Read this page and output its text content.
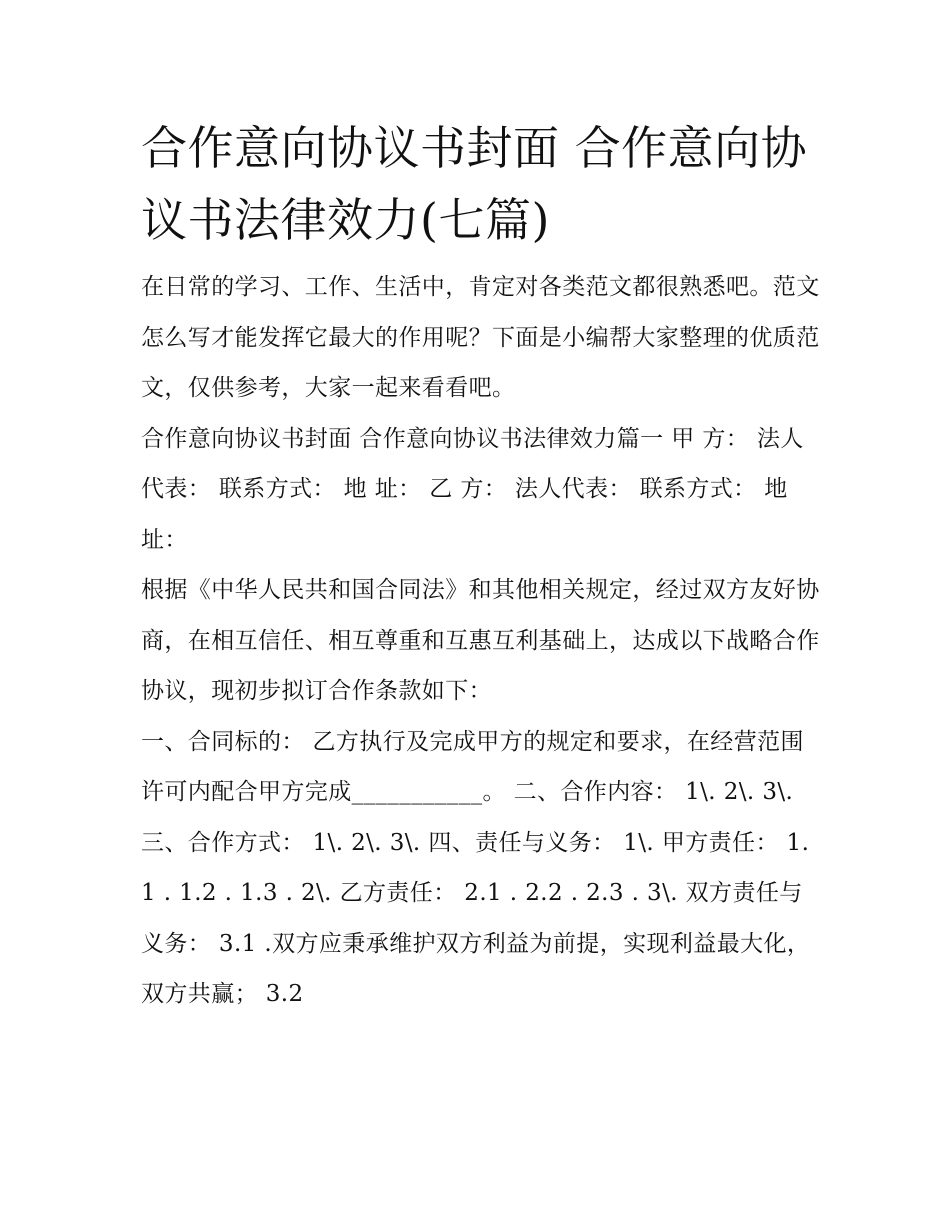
合作意向协议书封面 合作意向协议书法律效力(七篇)

在日常的学习、工作、生活中，肯定对各类范文都很熟悉吧。范文怎么写才能发挥它最大的作用呢？下面是小编帮大家整理的优质范文，仅供参考，大家一起来看看吧。

合作意向协议书封面 合作意向协议书法律效力篇一 甲 方： 法人代表： 联系方式： 地 址： 乙 方： 法人代表： 联系方式： 地 址：

根据《中华人民共和国合同法》和其他相关规定，经过双方友好协商，在相互信任、相互尊重和互惠互利基础上，达成以下战略合作协议，现初步拟订合作条款如下：

一、合同标的： 乙方执行及完成甲方的规定和要求，在经营范围许可内配合甲方完成___________。 二、合作内容： 1\. 2\. 3\.

三、合作方式： 1\. 2\. 3\. 四、责任与义务： 1\. 甲方责任： 1.1 . 1.2 . 1.3 . 2\. 乙方责任： 2.1 . 2.2 . 2.3 . 3\. 双方责任与义务： 3.1 .双方应秉承维护双方利益为前提，实现利益最大化，双方共赢； 3.2
